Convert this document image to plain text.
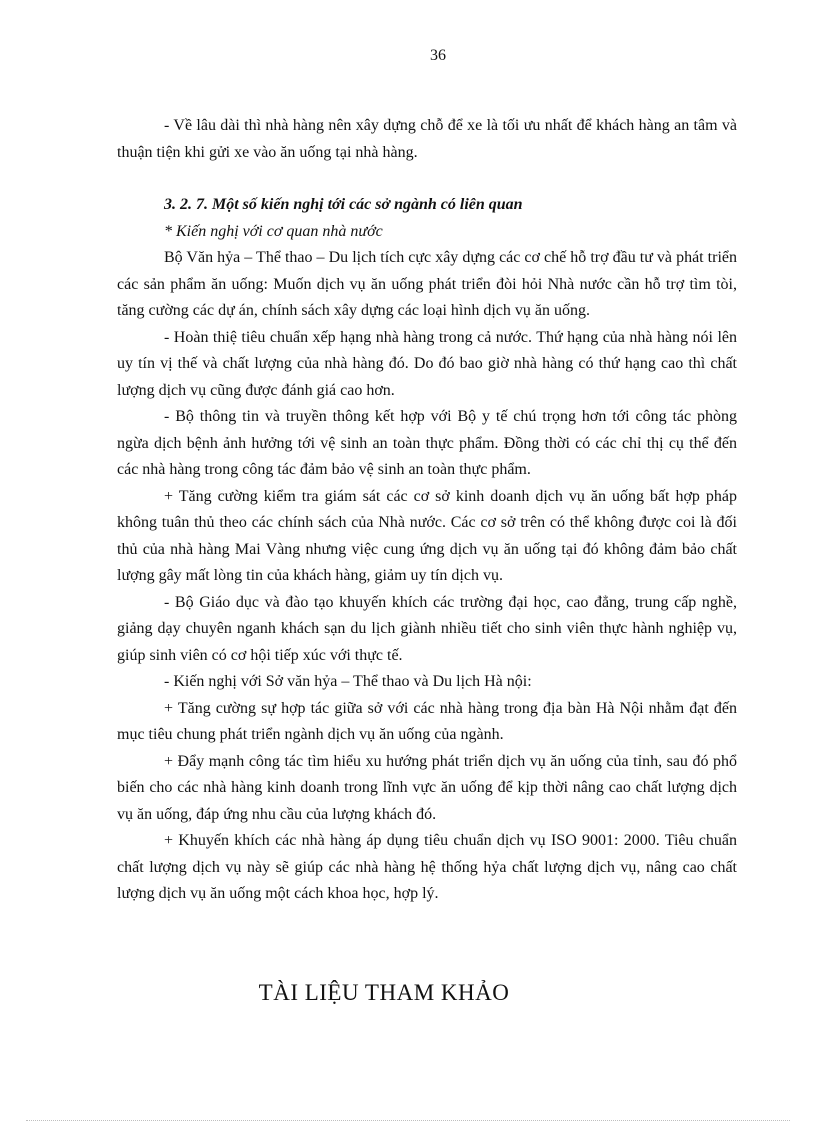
36

- Về lâu dài thì nhà hàng nên xây dựng chỗ để xe là tối ưu nhất để khách hàng an tâm và thuận tiện khi gửi xe vào ăn uống tại nhà hàng.

3. 2. 7. Một số kiến nghị tới các sở ngành có liên quan

* Kiến nghị với cơ quan nhà nước

Bộ Văn hỷa – Thể thao – Du lịch tích cực xây dựng các cơ chế hỗ trợ đầu tư và phát triển các sản phẩm ăn uống: Muốn dịch vụ ăn uống phát triển đòi hỏi Nhà nước cần hỗ trợ tìm tòi, tăng cường các dự án, chính sách xây dựng các loại hình dịch vụ ăn uống.

- Hoàn thiệ tiêu chuẩn xếp hạng nhà hàng trong cả nước. Thứ hạng của nhà hàng nói lên uy tín vị thế và chất lượng của nhà hàng đó. Do đó bao giờ nhà hàng có thứ hạng cao thì chất lượng dịch vụ cũng được đánh giá cao hơn.

- Bộ thông tin và truyền thông kết hợp với Bộ y tế chú trọng hơn tới công tác phòng ngừa dịch bệnh ảnh hưởng tới vệ sinh an toàn thực phẩm. Đồng thời có các chỉ thị cụ thể đến các nhà hàng trong công tác đảm bảo vệ sinh an toàn thực phẩm.

+ Tăng cường kiểm tra giám sát các cơ sở kinh doanh dịch vụ ăn uống bất hợp pháp không tuân thủ theo các chính sách của Nhà nước. Các cơ sở trên có thể không được coi là đối thủ của nhà hàng Mai Vàng nhưng việc cung ứng dịch vụ ăn uống tại đó không đảm bảo chất lượng gây mất lòng tin của khách hàng, giảm uy tín dịch vụ.

- Bộ Giáo dục và đào tạo khuyến khích các trường đại học, cao đẳng, trung cấp nghề, giảng dạy chuyên nganh khách sạn du lịch giành nhiều tiết cho sinh viên thực hành nghiệp vụ, giúp sinh viên có cơ hội tiếp xúc với thực tế.

- Kiến nghị với Sở văn hỷa – Thể thao và Du lịch Hà nội:

+ Tăng cường sự hợp tác giữa sở với các nhà hàng trong địa bàn Hà Nội nhằm đạt đến mục tiêu chung phát triển ngành dịch vụ ăn uống của ngành.

+ Đẩy mạnh công tác tìm hiểu xu hướng phát triển dịch vụ ăn uống của tỉnh, sau đó phổ biến cho các nhà hàng kinh doanh trong lĩnh vực ăn uống để kịp thời nâng cao chất lượng dịch vụ ăn uống, đáp ứng nhu cầu của lượng khách đó.

+ Khuyến khích các nhà hàng áp dụng tiêu chuẩn dịch vụ ISO 9001: 2000. Tiêu chuẩn chất lượng dịch vụ này sẽ giúp các nhà hàng hệ thống hỷa chất lượng dịch vụ, nâng cao chất lượng dịch vụ ăn uống một cách khoa học, hợp lý.

TÀI LIỆU THAM KHẢO
